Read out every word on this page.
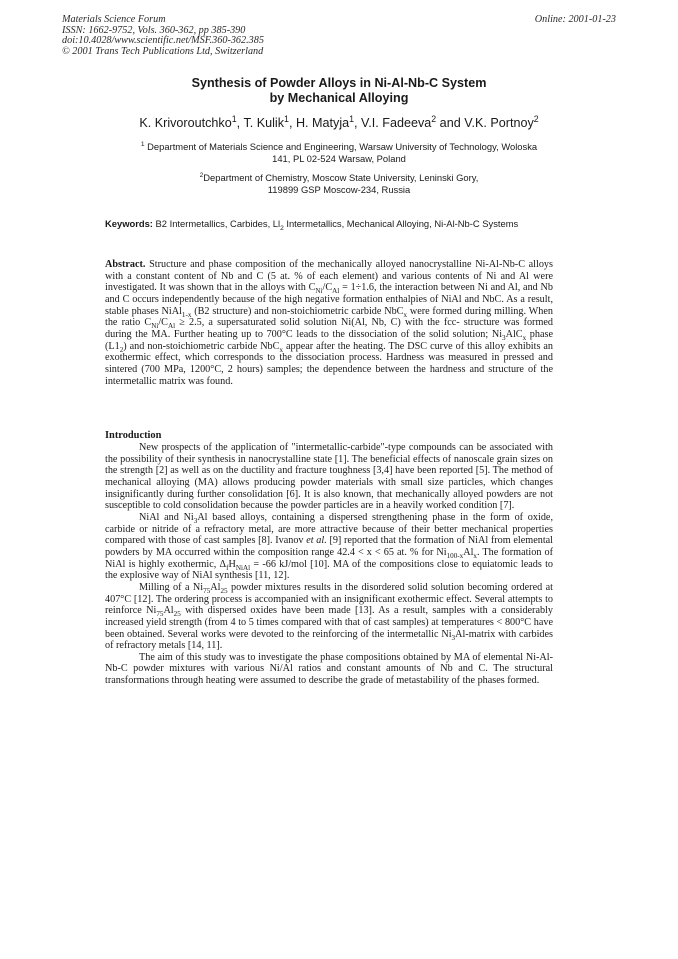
Materials Science Forum
ISSN: 1662-9752, Vols. 360-362, pp 385-390
doi:10.4028/www.scientific.net/MSF.360-362.385
© 2001 Trans Tech Publications Ltd, Switzerland
Online: 2001-01-23
Synthesis of Powder Alloys in Ni-Al-Nb-C System
by Mechanical Alloying
K. Krivoroutchko$^1$, T. Kulik$^1$, H. Matyja$^1$, V.I. Fadeeva$^2$ and V.K. Portnoy$^2$
$^1$ Department of Materials Science and Engineering, Warsaw University of Technology, Woloska
141, PL 02-524 Warsaw, Poland
$^2$Department of Chemistry, Moscow State University, Leninski Gory,
119899 GSP Moscow-234, Russia
Keywords: B2 Intermetallics, Carbides, $Ll_2$ Intermetallics, Mechanical Alloying, Ni-Al-Nb-C Systems

Abstract. Structure and phase composition of the mechanically alloyed nanocrystalline Ni-Al-Nb-C alloys with a constant content of Nb and C (5 at. % of each element) and various contents of Ni and Al were investigated. It was shown that in the alloys with $C_{Ni}/C_{Al} = 1\div 1.6$, the interaction between Ni and Al, and Nb and C occurs independently because of the high negative formation enthalpies of NiAl and NbC. As a result, stable phases NiAl$_{1-x}$ (B2 structure) and non-stoichiometric carbide NbC$_x$ were formed during milling. When the ratio $C_{Ni}/C_{Al} \ge 2.5$, a supersaturated solid solution Ni(Al, Nb, C) with the fcc- structure was formed during the MA. Further heating up to 700°C leads to the dissociation of the solid solution; $Ni_3AlC_x$ phase $(L1_2)$ and non-stoichiometric carbide NbC$_x$ appear after the heating. The DSC curve of this alloy exhibits an exothermic effect, which corresponds to the dissociation process. Hardness was measured in pressed and sintered (700 MPa, 1200°C, 2 hours) samples; the dependence between the hardness and structure of the intermetallic matrix was found.

Introduction

New prospects of the application of "intermetallic-carbide"-type compounds can be associated with the possibility of their synthesis in nanocrystalline state [1]. The beneficial effects of nanoscale grain sizes on the strength [2] as well as on the ductility and fracture toughness [3,4] have been reported [5]. The method of mechanical alloying (MA) allows producing powder materials with small size particles, which changes insignificantly during further consolidation [6]. It is also known, that mechanically alloyed powders are not susceptible to cold consolidation because the powder particles are in a heavily worked condition [7].

NiAl and $Ni_3Al$ based alloys, containing a dispersed strengthening phase in the form of oxide, carbide or nitride of a refractory metal, are more attractive because of their better mechanical properties compared with those of cast samples [8]. Ivanov et al. [9] reported that the formation of NiAl from elemental powders by MA occurred within the composition range 42.4 < x < 65 at. % for $Ni_{100-x}Al_x$. The formation of NiAl is highly exothermic, $\Delta_fH_{NiAl} = -66$ kJ/mol [10]. MA of the compositions close to equiatomic leads to the explosive way of NiAl synthesis [11, 12].

Milling of a $Ni_{75}Al_{25}$ powder mixtures results in the disordered solid solution becoming ordered at 407°C [12]. The ordering process is accompanied with an insignificant exothermic effect. Several attempts to reinforce $Ni_{75}Al_{25}$ with dispersed oxides have been made [13]. As a result, samples with a considerably increased yield strength (from 4 to 5 times compared with that of cast samples) at temperatures < 800°C have been obtained. Several works were devoted to the reinforcing of the intermetallic $Ni_3Al$-matrix with carbides of refractory metals [14, 11].

The aim of this study was to investigate the phase compositions obtained by MA of elemental Ni-Al-Nb-C powder mixtures with various Ni/Al ratios and constant amounts of Nb and C. The structural transformations through heating were assumed to describe the grade of metastability of the phases formed.
